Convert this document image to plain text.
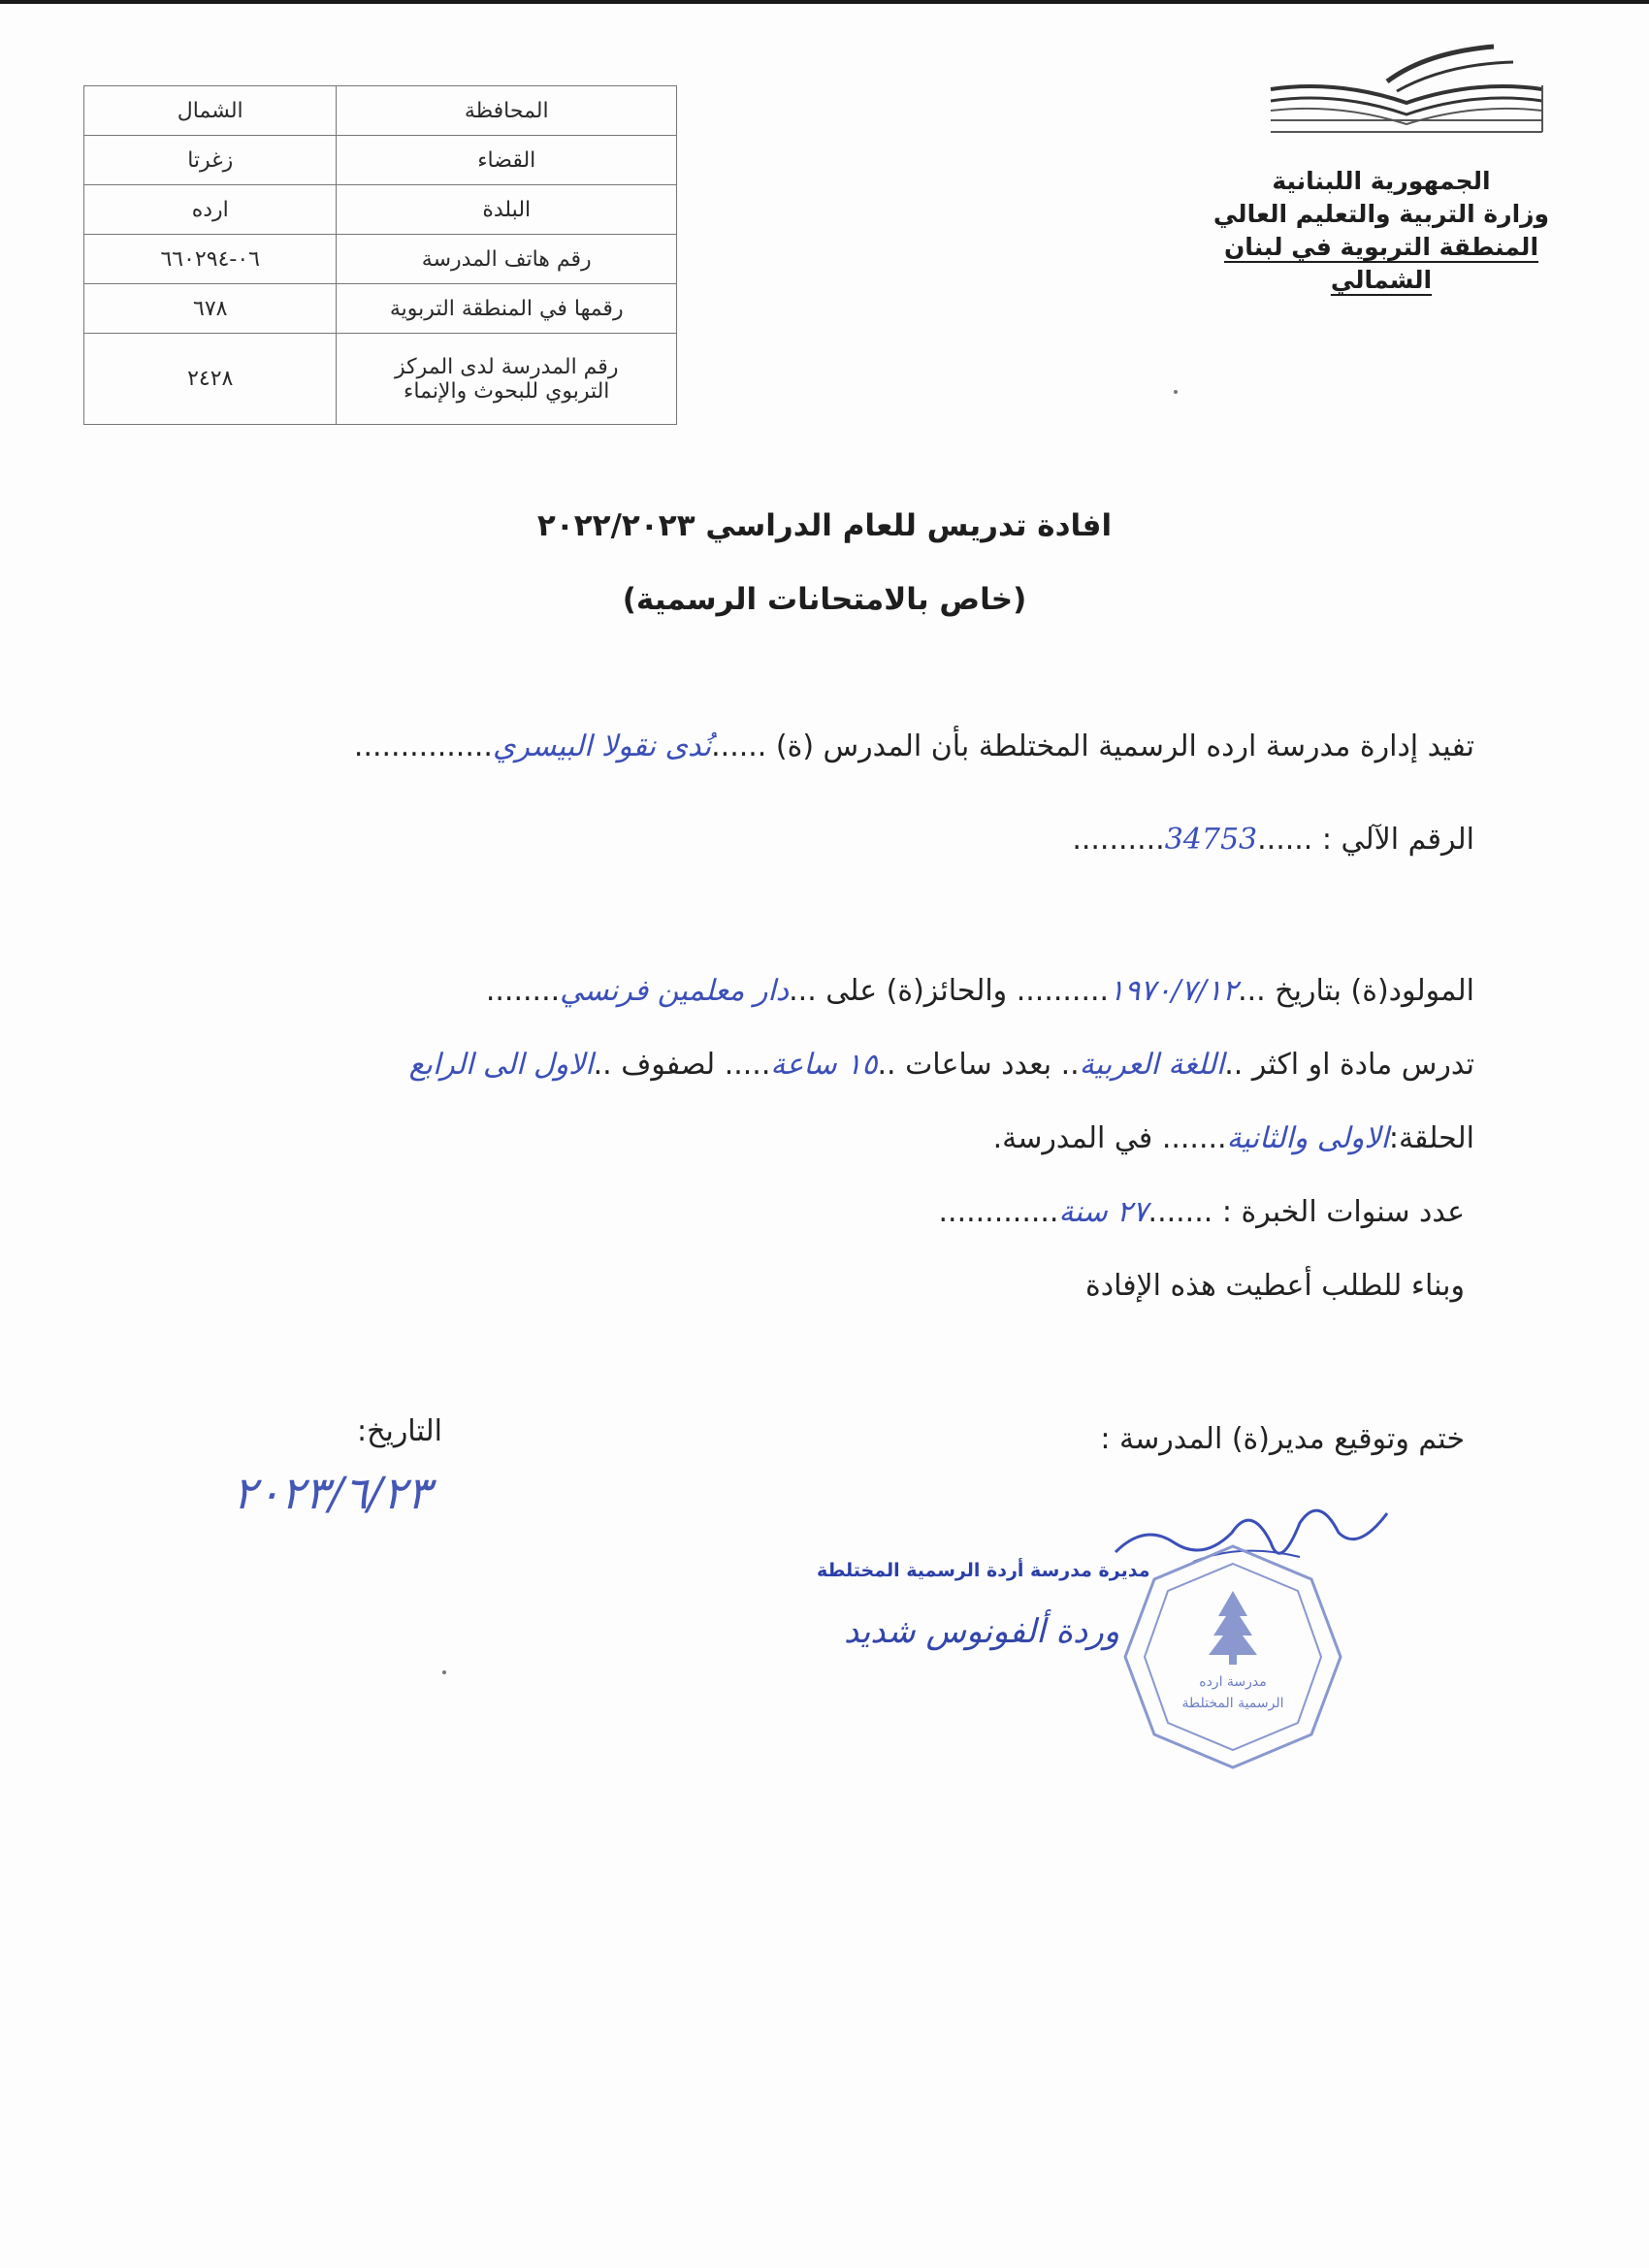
المحافظة	الشمال
القضاء	زغرتا
البلدة	ارده
رقم هاتف المدرسة	٠٦-٦٦٠٢٩٤
رقمها في المنطقة التربوية	٦٧٨

رقم المدرسة لدى المركز
التربوي للبحوث والإنماء	٢٤٢٨
الجمهورية اللبنانية
وزارة التربية والتعليم العالي
المنطقة التربوية في لبنان الشمالي
افادة تدريس للعام الدراسي ٢٠٢٢/٢٠٢٣
(خاص بالامتحانات الرسمية)
تفيد إدارة مدرسة ارده الرسمية المختلطة بأن المدرس (ة) ......نُدى نقولا البيسري...............
الرقم الآلي : ......34753..........
المولود(ة) بتاريخ ...١٩٧٠/٧/١٢.......... والحائز(ة) على ...دار معلمين فرنسي........
تدرس مادة او اكثر ..اللغة العربية.. بعدد ساعات ..١٥ ساعة..... لصفوف ..الاول الى الرابع
الحلقة:الاولى والثانية....... في المدرسة.
عدد سنوات الخبرة : .......٢٧ سنة.............
وبناء للطلب أعطيت هذه الإفادة
ختم وتوقيع مدير(ة) المدرسة :
التاريخ:
٢٠٢٣/٦/٢٣
مديرة مدرسة أردة الرسمية المختلطة
وردة ألفونوس شديد
مدرسة ارده
الرسمية المختلطة
